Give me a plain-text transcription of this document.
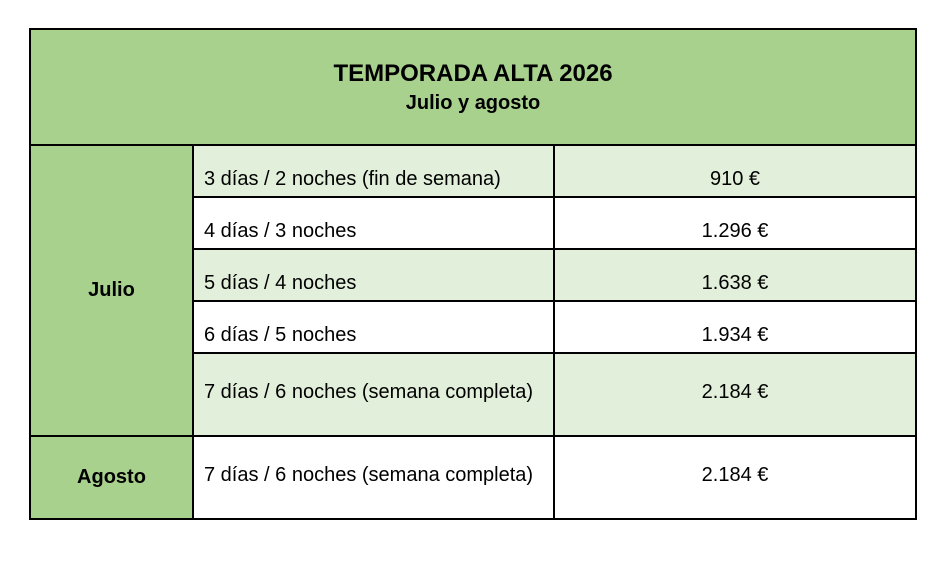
TEMPORADA ALTA 2026
Julio y agosto		

Julio	3 días / 2 noches (fin de semana)	910 €
	4 días / 3 noches	1.296 €
	5 días / 4 noches	1.638 €
	6 días / 5 noches	1.934 €
	7 días / 6 noches (semana completa)	2.184 €
Agosto	7 días / 6 noches (semana completa)	2.184 €
